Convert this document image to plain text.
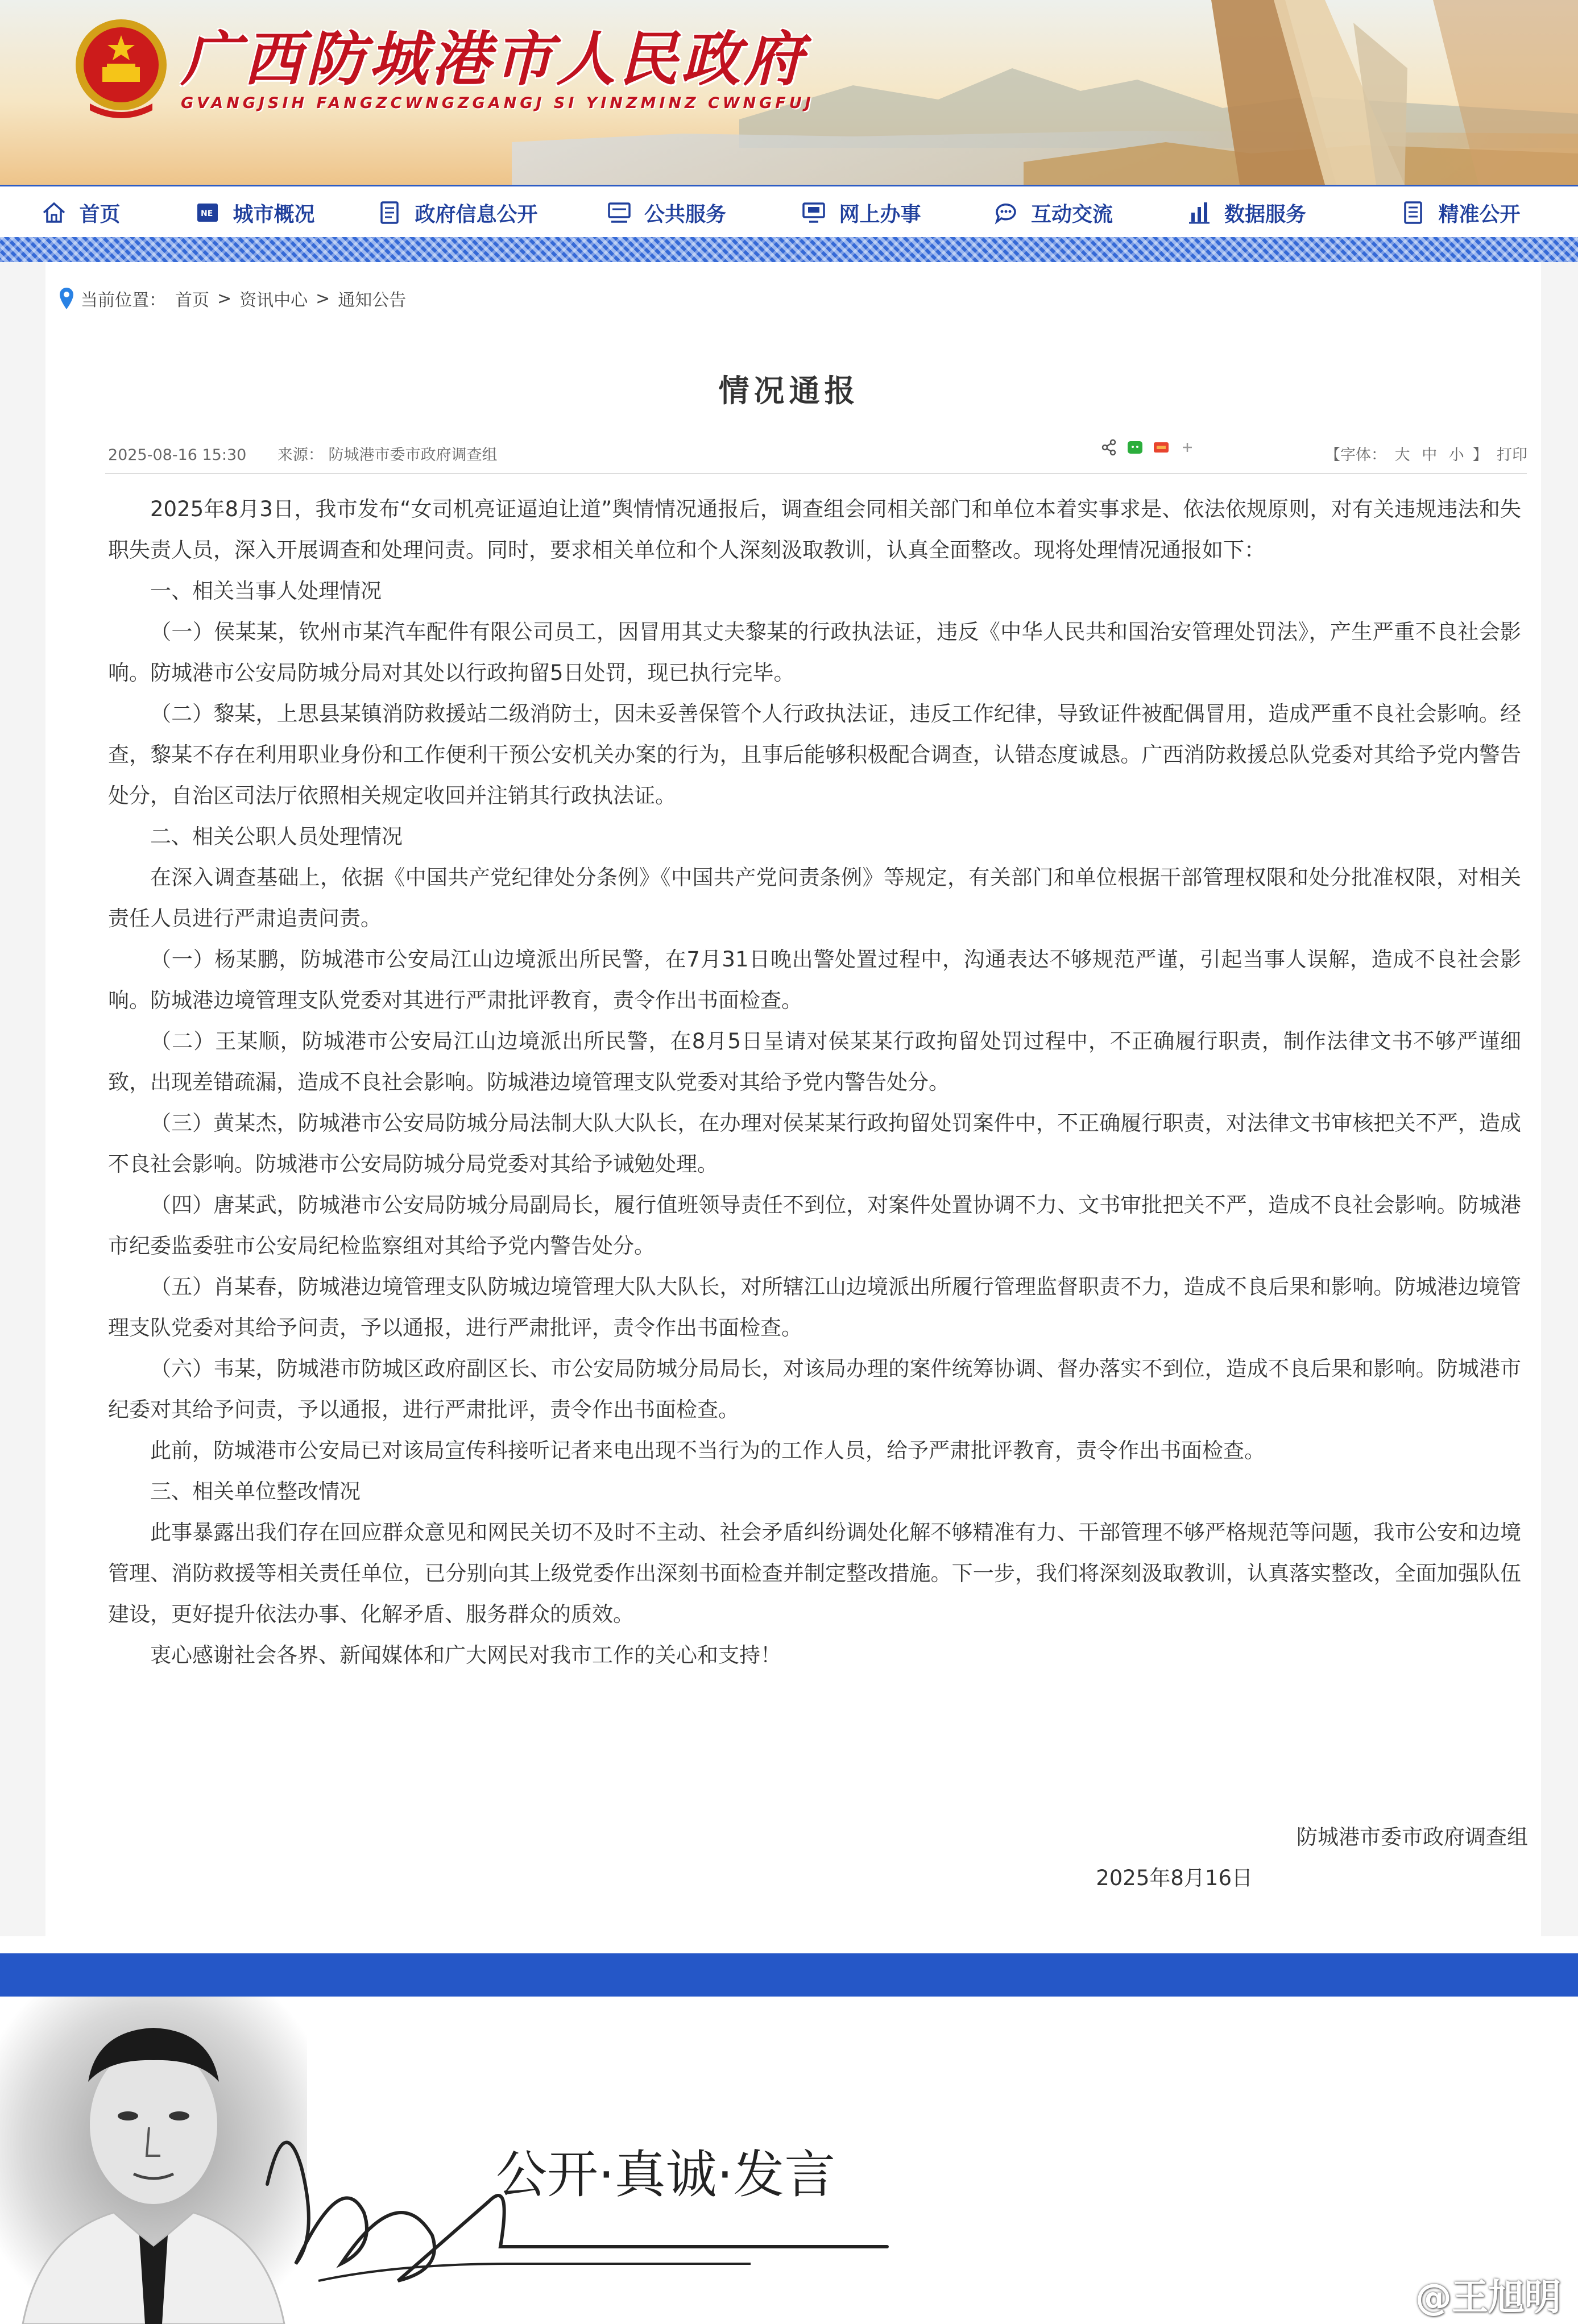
广西防城港市人民政府
GVANGJSIH FANGZCWNGZGANGJ SI YINZMINZ CWNGFUJ
首页	NE 城市概况	政府信息公开	公共服务	网上办事	互动交流	数据服务	精准公开
当前位置： 首页 > 资讯中心 > 通知公告
情况通报
2025-08-16 15:30 来源： 防城港市委市政府调查组	【字体： 大 中 小 】 打印

2025年8月3日，我市发布“女司机亮证逼迫让道”舆情情况通报后，调查组会同相关部门和单位本着实事求是、依法依规原则，对有关违规违法和失职失责人员，深入开展调查和处理问责。同时，要求相关单位和个人深刻汲取教训，认真全面整改。现将处理情况通报如下：

一、相关当事人处理情况

（一）侯某某，钦州市某汽车配件有限公司员工，因冒用其丈夫黎某的行政执法证，违反《中华人民共和国治安管理处罚法》，产生严重不良社会影响。防城港市公安局防城分局对其处以行政拘留5日处罚，现已执行完毕。

（二）黎某，上思县某镇消防救援站二级消防士，因未妥善保管个人行政执法证，违反工作纪律，导致证件被配偶冒用，造成严重不良社会影响。经查，黎某不存在利用职业身份和工作便利干预公安机关办案的行为，且事后能够积极配合调查，认错态度诚恳。广西消防救援总队党委对其给予党内警告处分，自治区司法厅依照相关规定收回并注销其行政执法证。

二、相关公职人员处理情况

在深入调查基础上，依据《中国共产党纪律处分条例》《中国共产党问责条例》等规定，有关部门和单位根据干部管理权限和处分批准权限，对相关责任人员进行严肃追责问责。

（一）杨某鹏，防城港市公安局江山边境派出所民警，在7月31日晚出警处置过程中，沟通表达不够规范严谨，引起当事人误解，造成不良社会影响。防城港边境管理支队党委对其进行严肃批评教育，责令作出书面检查。

（二）王某顺，防城港市公安局江山边境派出所民警，在8月5日呈请对侯某某行政拘留处罚过程中，不正确履行职责，制作法律文书不够严谨细致，出现差错疏漏，造成不良社会影响。防城港边境管理支队党委对其给予党内警告处分。

（三）黄某杰，防城港市公安局防城分局法制大队大队长，在办理对侯某某行政拘留处罚案件中，不正确履行职责，对法律文书审核把关不严，造成不良社会影响。防城港市公安局防城分局党委对其给予诫勉处理。

（四）唐某武，防城港市公安局防城分局副局长，履行值班领导责任不到位，对案件处置协调不力、文书审批把关不严，造成不良社会影响。防城港市纪委监委驻市公安局纪检监察组对其给予党内警告处分。

（五）肖某春，防城港边境管理支队防城边境管理大队大队长，对所辖江山边境派出所履行管理监督职责不力，造成不良后果和影响。防城港边境管理支队党委对其给予问责，予以通报，进行严肃批评，责令作出书面检查。

（六）韦某，防城港市防城区政府副区长、市公安局防城分局局长，对该局办理的案件统筹协调、督办落实不到位，造成不良后果和影响。防城港市纪委对其给予问责，予以通报，进行严肃批评，责令作出书面检查。

此前，防城港市公安局已对该局宣传科接听记者来电出现不当行为的工作人员，给予严肃批评教育，责令作出书面检查。

三、相关单位整改情况

此事暴露出我们存在回应群众意见和网民关切不及时不主动、社会矛盾纠纷调处化解不够精准有力、干部管理不够严格规范等问题，我市公安和边境管理、消防救援等相关责任单位，已分别向其上级党委作出深刻书面检查并制定整改措施。下一步，我们将深刻汲取教训，认真落实整改，全面加强队伍建设，更好提升依法办事、化解矛盾、服务群众的质效。

衷心感谢社会各界、新闻媒体和广大网民对我市工作的关心和支持！

防城港市委市政府调查组
2025年8月16日
公开·真诚·发言
@王旭明
